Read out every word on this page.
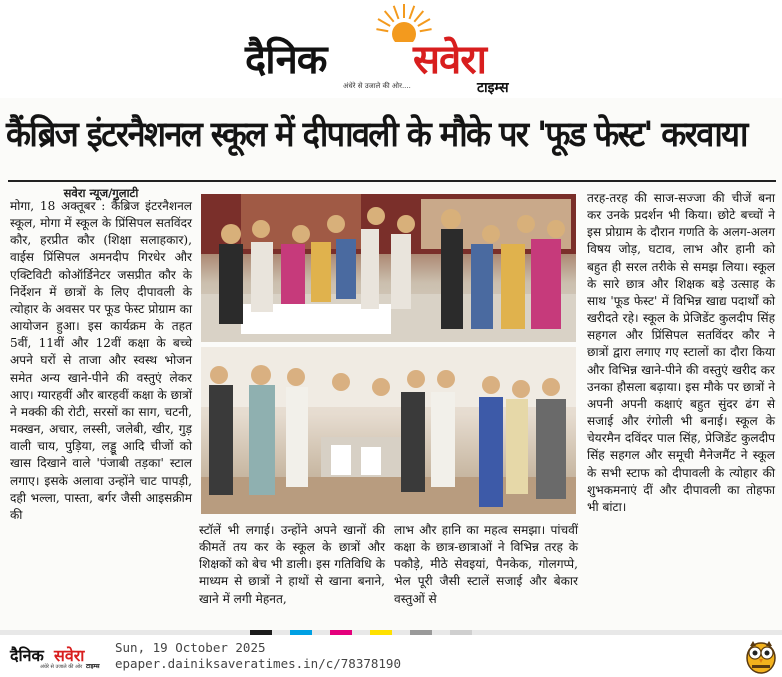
दैनिक सवेरा
अंधेरे से उजाले की ओर....	टाइम्स
कैंब्रिज इंटरनैशनल स्कूल में दीपावली के मौके पर 'फूड फेस्ट' करवाया
सवेरा न्यूज/गुलाटी
मोगा, 18 अक्तूबर : कैंब्रिज इंटरनैशनल स्कूल, मोगा में स्कूल के प्रिंसिपल सतविंदर कौर, हरप्रीत कौर (शिक्षा सलाहकार), वाईस प्रिंसिपल अमनदीप गिरधेर और एक्टिविटी कोऑर्डिनेटर जसप्रीत कौर के निर्देशन में छात्रों के लिए दीपावली के त्योहार के अवसर पर फूड फेस्ट प्रोग्राम का आयोजन हुआ। इस कार्यक्रम के तहत 5वीं, 11वीं और 12वीं कक्षा के बच्चे अपने घरों से ताजा और स्वस्थ भोजन समेत अन्य खाने-पीने की वस्तुएं लेकर आए। ग्यारहवीं और बारहवीं कक्षा के छात्रों ने मक्की की रोटी, सरसों का साग, चटनी, मक्खन, अचार, लस्सी, जलेबी, खीर, गुड़ वाली चाय, पुड़िया, लड्डू आदि चीजों को खास दिखाने वाले 'पंजाबी तड़का' स्टाल लगाए। इसके अलावा उन्होंने चाट पापड़ी, दही भल्ला, पास्ता, बर्गर जैसी आइसक्रीम की
स्टॉलें भी लगाई। उन्होंने अपने खानों की कीमतें तय कर के स्कूल के छात्रों और शिक्षकों को बेच भी डाली। इस गतिविधि के माध्यम से छात्रों ने हाथों से खाना बनाने, खाने में लगी मेहनत,
लाभ और हानि का महत्व समझा। पांचवीं कक्षा के छात्र-छात्राओं ने विभिन्न तरह के पकौड़े, मीठे सेवइयां, पैनकेक, गोलगप्पे, भेल पूरी जैसी स्टालें सजाई और बेकार वस्तुओं से
तरह-तरह की साज-सज्जा की चीजें बना कर उनके प्रदर्शन भी किया। छोटे बच्चों ने इस प्रोग्राम के दौरान गणति के अलग-अलग विषय जोड़, घटाव, लाभ और हानी को बहुत ही सरल तरीके से समझ लिया। स्कूल के सारे छात्र और शिक्षक बड़े उत्साह के साथ 'फूड फेस्ट' में विभिन्न खाद्य पदार्थों को खरीदते रहे। स्कूल के प्रेजिडेंट कुलदीप सिंह सहगल और प्रिंसिपल सतविंदर कौर ने छात्रों द्वारा लगाए गए स्टालों का दौरा किया और विभिन्न खाने-पीने की वस्तुएं खरीद कर उनका हौसला बढ़ाया। इस मौके पर छात्रों ने अपनी अपनी कक्षाएं बहुत सुंदर ढंग से सजाई और रंगोली भी बनाई। स्कूल के चेयरमैन दविंदर पाल सिंह, प्रेजिडेंट कुलदीप सिंह सहगल और समूची मैनेजमैंट ने स्कूल के सभी स्टाफ को दीपावली के त्योहार की शुभकमनाएं दीं और दीपावली का तोहफा भी बांटा।
दैनिक सवेरा
अंधेरे से उजाले की ओर टाइम्स
Sun, 19 October 2025
epaper.dainiksaveratimes.in/c/78378190
